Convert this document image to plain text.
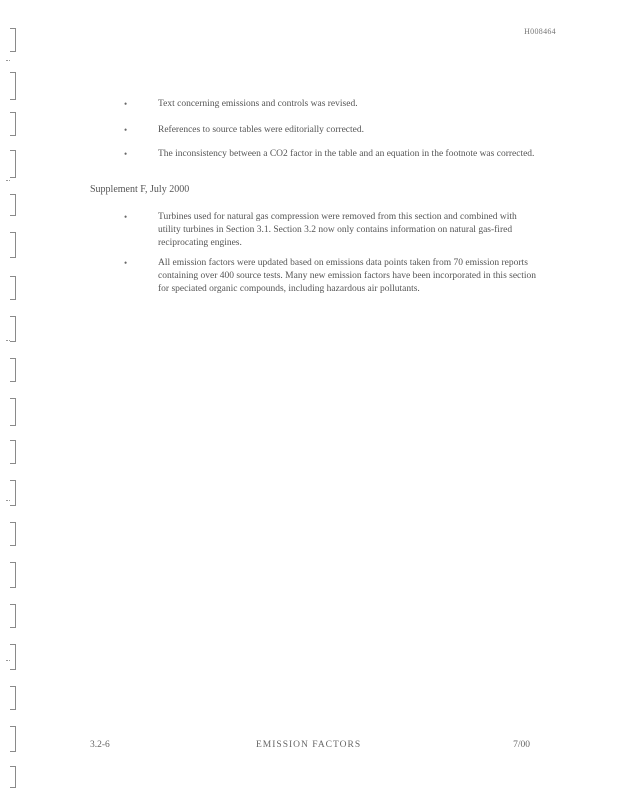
H008464
•	Text concerning emissions and controls was revised.
•	References to source tables were editorially corrected.
•	The inconsistency between a CO2 factor in the table and an equation in the footnote was corrected.
Supplement F, July 2000
•	Turbines used for natural gas compression were removed from this section and combined with utility turbines in Section 3.1. Section 3.2 now only contains information on natural gas-fired reciprocating engines.
•	All emission factors were updated based on emissions data points taken from 70 emission reports containing over 400 source tests. Many new emission factors have been incorporated in this section for speciated organic compounds, including hazardous air pollutants.
3.2-6	EMISSION FACTORS	7/00
